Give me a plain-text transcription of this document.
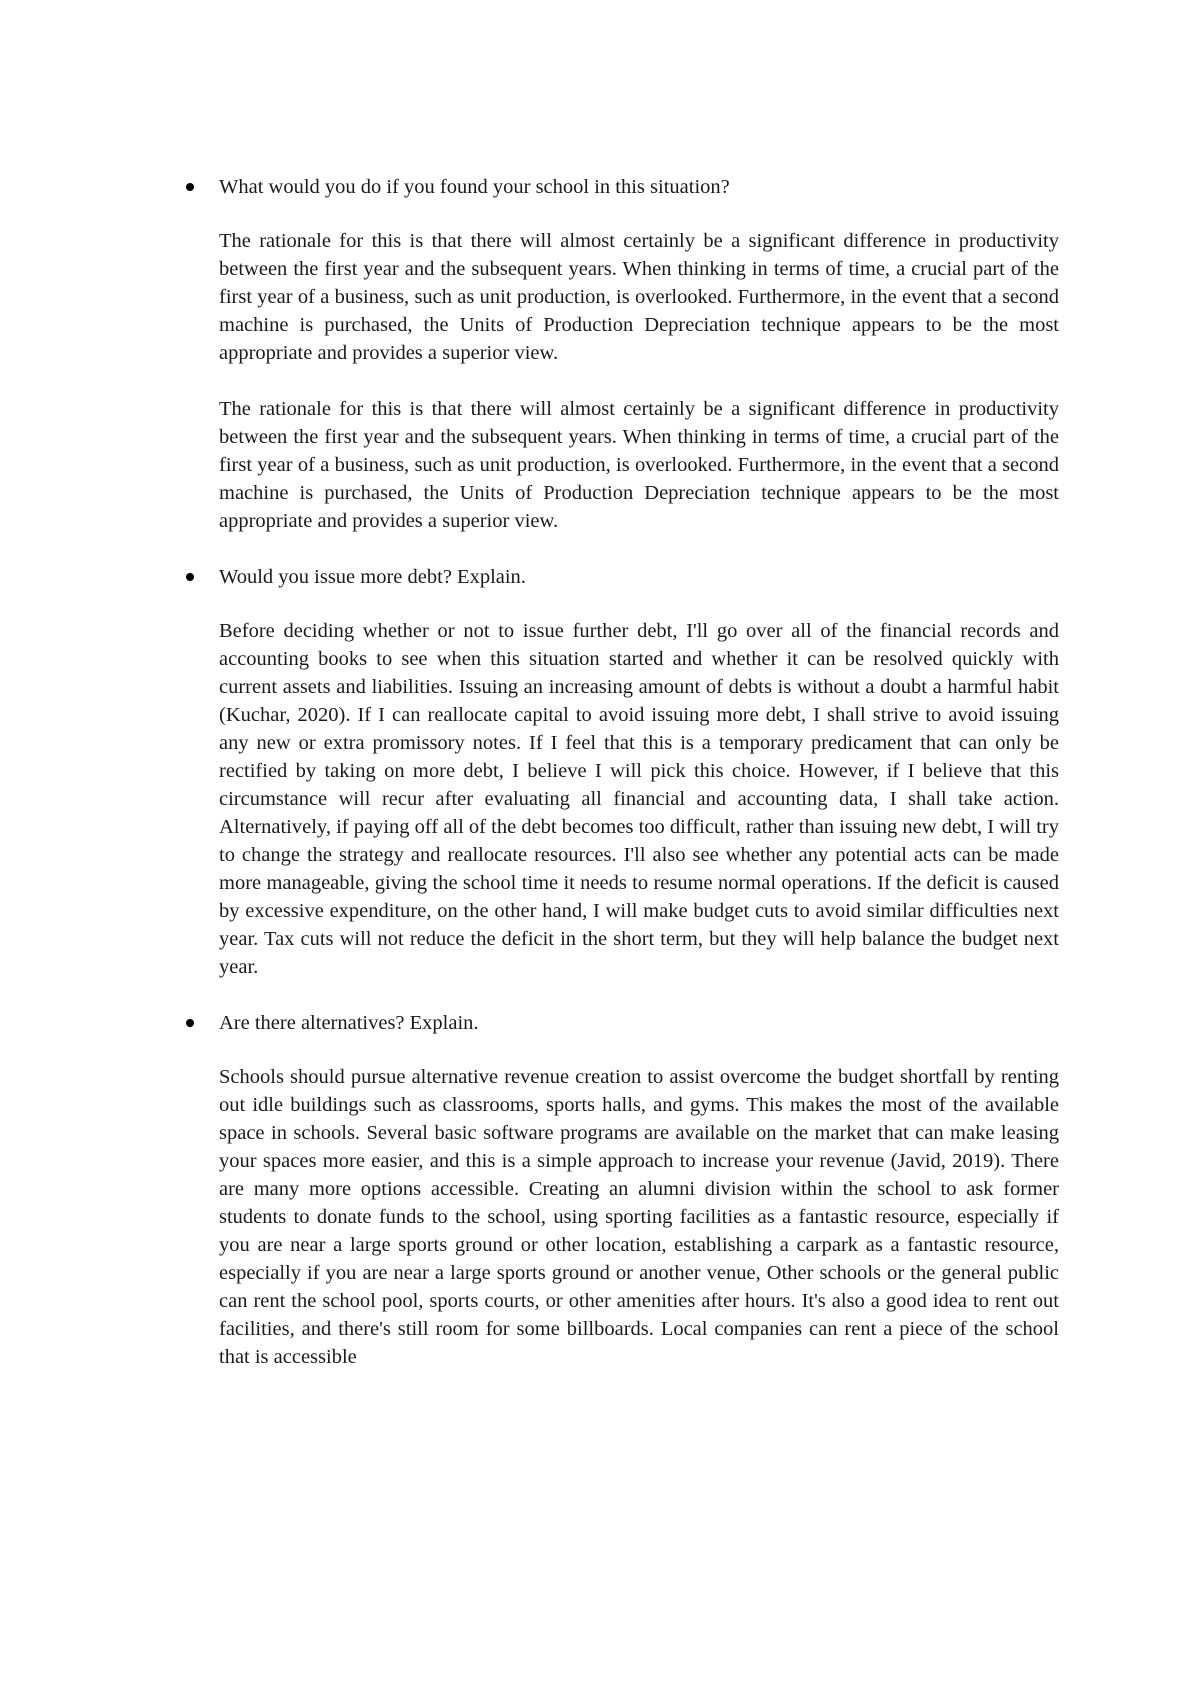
What would you do if you found your school in this situation?

The rationale for this is that there will almost certainly be a significant difference in productivity between the first year and the subsequent years. When thinking in terms of time, a crucial part of the first year of a business, such as unit production, is overlooked. Furthermore, in the event that a second machine is purchased, the Units of Production Depreciation technique appears to be the most appropriate and provides a superior view.

The rationale for this is that there will almost certainly be a significant difference in productivity between the first year and the subsequent years. When thinking in terms of time, a crucial part of the first year of a business, such as unit production, is overlooked. Furthermore, in the event that a second machine is purchased, the Units of Production Depreciation technique appears to be the most appropriate and provides a superior view.

Would you issue more debt? Explain.

Before deciding whether or not to issue further debt, I'll go over all of the financial records and accounting books to see when this situation started and whether it can be resolved quickly with current assets and liabilities. Issuing an increasing amount of debts is without a doubt a harmful habit (Kuchar, 2020). If I can reallocate capital to avoid issuing more debt, I shall strive to avoid issuing any new or extra promissory notes. If I feel that this is a temporary predicament that can only be rectified by taking on more debt, I believe I will pick this choice. However, if I believe that this circumstance will recur after evaluating all financial and accounting data, I shall take action. Alternatively, if paying off all of the debt becomes too difficult, rather than issuing new debt, I will try to change the strategy and reallocate resources. I'll also see whether any potential acts can be made more manageable, giving the school time it needs to resume normal operations. If the deficit is caused by excessive expenditure, on the other hand, I will make budget cuts to avoid similar difficulties next year. Tax cuts will not reduce the deficit in the short term, but they will help balance the budget next year.

Are there alternatives? Explain.

Schools should pursue alternative revenue creation to assist overcome the budget shortfall by renting out idle buildings such as classrooms, sports halls, and gyms. This makes the most of the available space in schools. Several basic software programs are available on the market that can make leasing your spaces more easier, and this is a simple approach to increase your revenue (Javid, 2019). There are many more options accessible. Creating an alumni division within the school to ask former students to donate funds to the school, using sporting facilities as a fantastic resource, especially if you are near a large sports ground or other location, establishing a carpark as a fantastic resource, especially if you are near a large sports ground or another venue, Other schools or the general public can rent the school pool, sports courts, or other amenities after hours. It's also a good idea to rent out facilities, and there's still room for some billboards. Local companies can rent a piece of the school that is accessible
